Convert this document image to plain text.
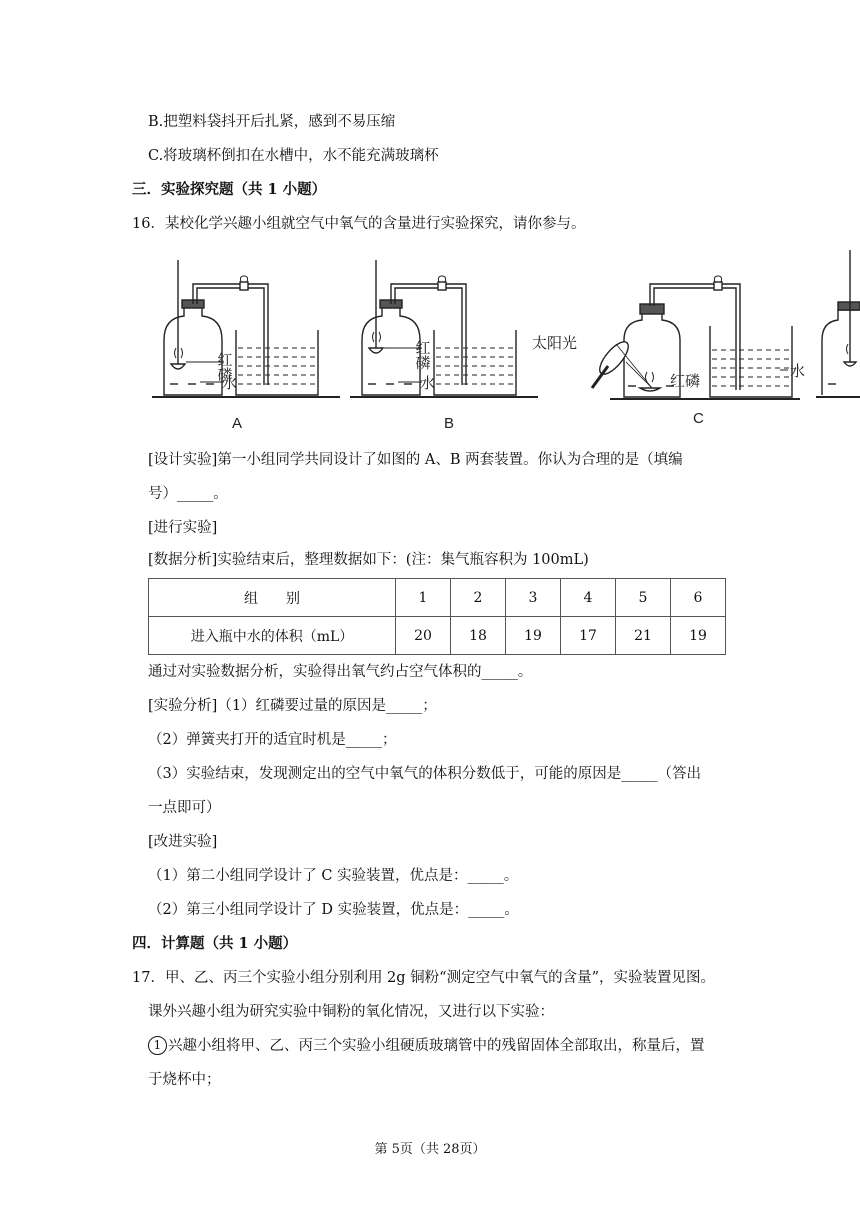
B.把塑料袋抖开后扎紧，感到不易压缩
C.将玻璃杯倒扣在水槽中，水不能充满玻璃杯
三．实验探究题（共 1 小题）
16．某校化学兴趣小组就空气中氧气的含量进行实验探究，请你参与。
红磷
水
A
红磷
水
B
太阳光
红磷
水
C
[设计实验]第一小组同学共同设计了如图的 A、B 两套装置。你认为合理的是（填编
号）_____。
[进行实验]
[数据分析]实验结束后，整理数据如下：(注：集气瓶容积为 100mL)
组　　别	1	2	3	4	5	6
进入瓶中水的体积（mL）	20	18	19	17	21	19
通过对实验数据分析，实验得出氧气约占空气体积的_____。
[实验分析]（1）红磷要过量的原因是_____；
（2）弹簧夹打开的适宜时机是_____；
（3）实验结束，发现测定出的空气中氧气的体积分数低于，可能的原因是_____（答出
一点即可）
[改进实验]
（1）第二小组同学设计了 C 实验装置，优点是：_____。
（2）第三小组同学设计了 D 实验装置，优点是：_____。
四．计算题（共 1 小题）
17．甲、乙、丙三个实验小组分别利用 2g 铜粉“测定空气中氧气的含量”，实验装置见图。
课外兴趣小组为研究实验中铜粉的氧化情况，又进行以下实验：
1 兴趣小组将甲、乙、丙三个实验小组硬质玻璃管中的残留固体全部取出，称量后，置
于烧杯中；
第 5页（共 28页）
